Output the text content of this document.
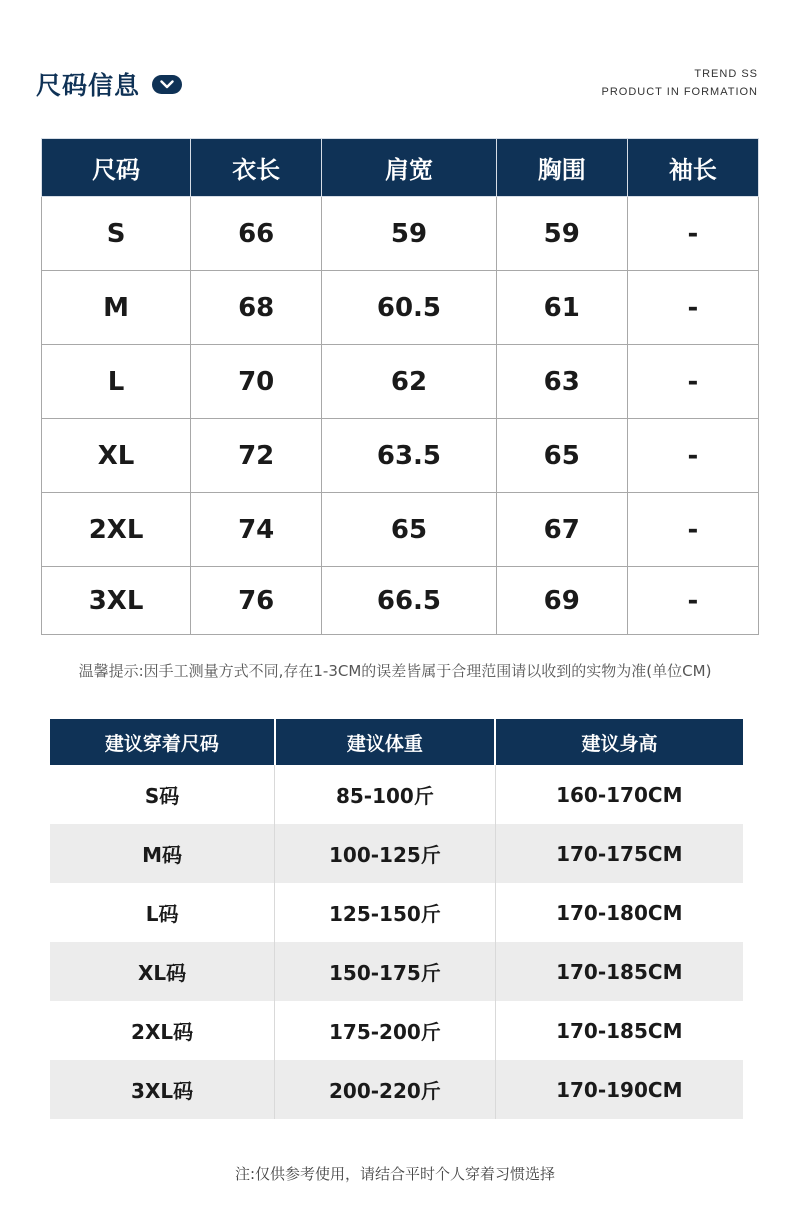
尺码信息	TREND SS
PRODUCT IN FORMATION
尺码	衣长	肩宽	胸围	袖长
S	66	59	59	-
M	68	60.5	61	-
L	70	62	63	-
XL	72	63.5	65	-
2XL	74	65	67	-
3XL	76	66.5	69	-
温馨提示:因手工测量方式不同,存在1-3CM的误差皆属于合理范围请以收到的实物为准(单位CM)
建议穿着尺码	建议体重	建议身高
S码	85-100斤	160-170CM
M码	100-125斤	170-175CM
L码	125-150斤	170-180CM
XL码	150-175斤	170-185CM
2XL码	175-200斤	170-185CM
3XL码	200-220斤	170-190CM
注:仅供参考使用，请结合平时个人穿着习惯选择
